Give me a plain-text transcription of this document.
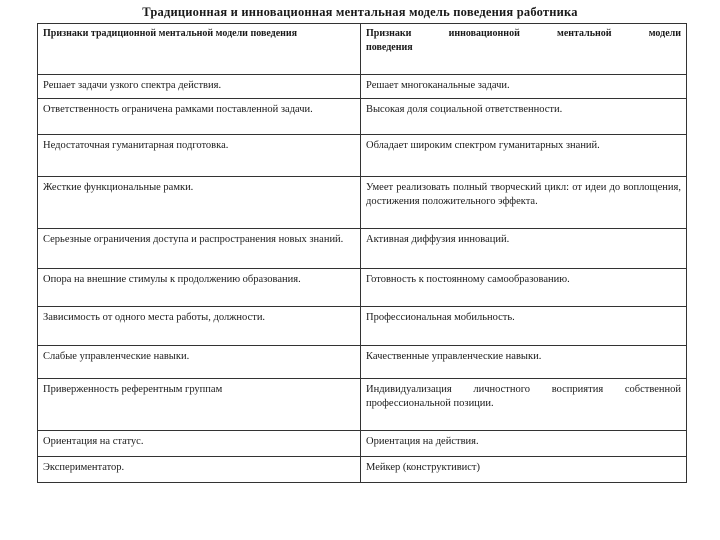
Традиционная и инновационная ментальная модель поведения работника
Признаки традиционной ментальной модели поведения	Признаки инновационной ментальной модели
поведения

Решает задачи узкого спектра действия.	Решает многоканальные задачи.
Ответственность ограничена рамками поставленной задачи.	Высокая доля социальной ответственности.
Недостаточная гуманитарная подготовка.	Обладает широким спектром гуманитарных знаний.
Жесткие функциональные рамки.	Умеет реализовать полный творческий цикл: от идеи до воплощения, достижения положительного эффекта.
Серьезные ограничения доступа и распространения новых знаний.	Активная диффузия инноваций.
Опора на внешние стимулы к продолжению образования.	Готовность к постоянному самообразованию.
Зависимость от одного места работы, должности.	Профессиональная мобильность.
Слабые управленческие навыки.	Качественные управленческие навыки.
Приверженность референтным группам	Индивидуализация личностного восприятия собственной профессиональной позиции.
Ориентация на статус.	Ориентация на действия.
Экспериментатор.	Мейкер (конструктивист)
